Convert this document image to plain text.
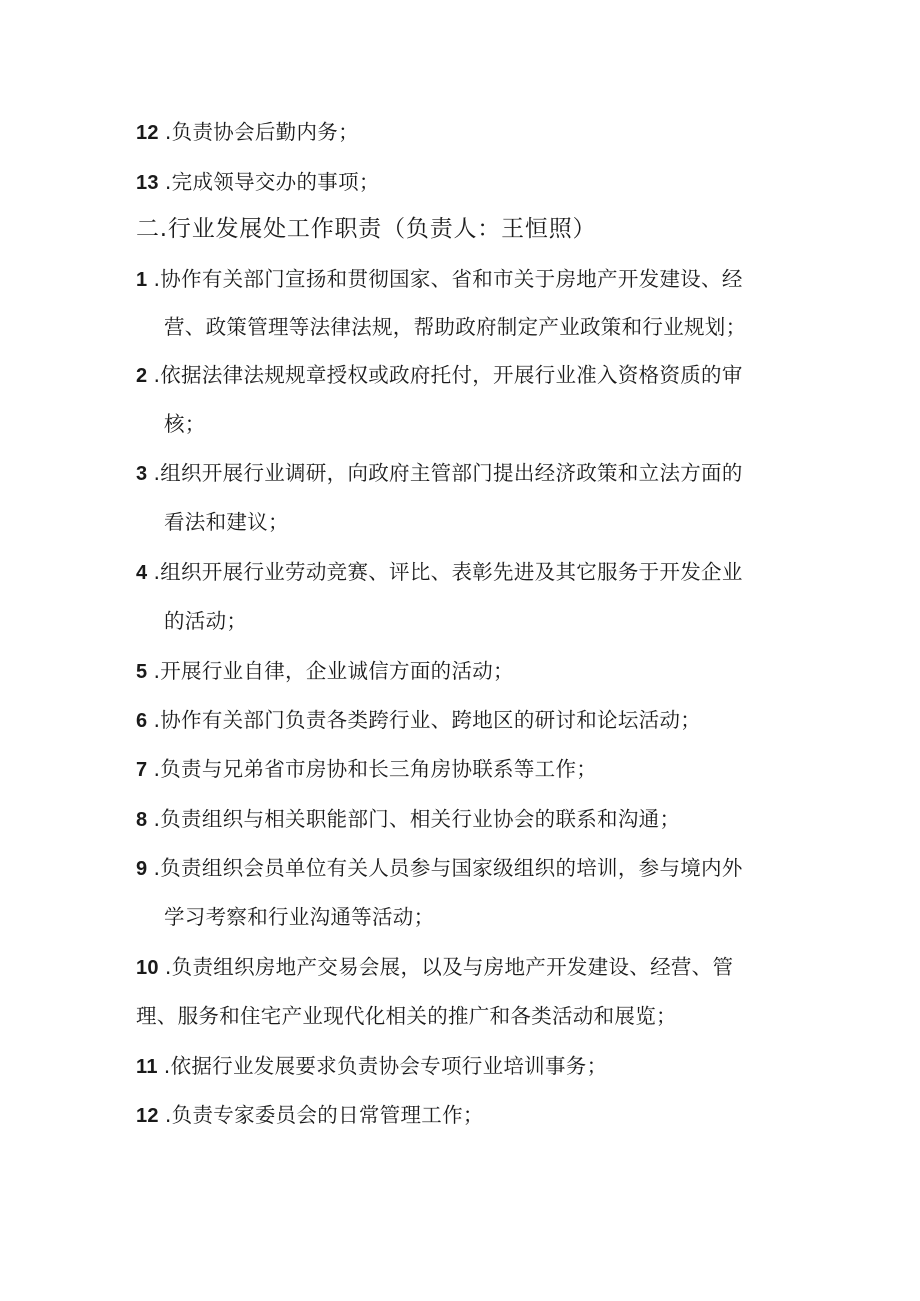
12 .负责协会后勤内务；
13 .完成领导交办的事项；
二.行业发展处工作职责（负责人：王恒照）
1 .协作有关部门宣扬和贯彻国家、省和市关于房地产开发建设、经
营、政策管理等法律法规，帮助政府制定产业政策和行业规划；
2 .依据法律法规规章授权或政府托付，开展行业准入资格资质的审
核；
3 .组织开展行业调研，向政府主管部门提出经济政策和立法方面的
看法和建议；
4 .组织开展行业劳动竞赛、评比、表彰先进及其它服务于开发企业
的活动；
5 .开展行业自律，企业诚信方面的活动；
6 .协作有关部门负责各类跨行业、跨地区的研讨和论坛活动；
7 .负责与兄弟省市房协和长三角房协联系等工作；
8 .负责组织与相关职能部门、相关行业协会的联系和沟通；
9 .负责组织会员单位有关人员参与国家级组织的培训，参与境内外
学习考察和行业沟通等活动；
10 .负责组织房地产交易会展，以及与房地产开发建设、经营、管
理、服务和住宅产业现代化相关的推广和各类活动和展览；
11 .依据行业发展要求负责协会专项行业培训事务；
12 .负责专家委员会的日常管理工作；
